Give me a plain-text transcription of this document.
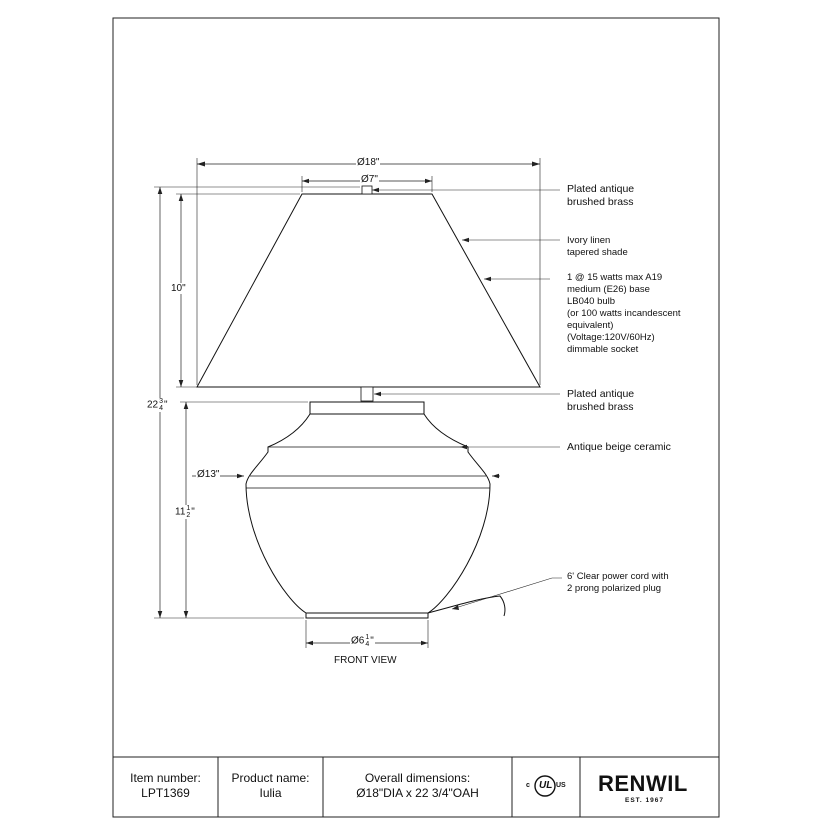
Ø18"
Ø7"
10"
22 3
4 "
Ø13"
11 1
2 "
Ø6 1
4 "
FRONT VIEW
Plated antique
brushed brass
Ivory linen
tapered shade
1 @ 15 watts max A19
medium (E26) base
LB040 bulb
(or 100 watts incandescent
equivalent)
(Voltage:120V/60Hz)
dimmable socket
Plated antique
brushed brass
Antique beige ceramic
6' Clear power cord with
2 prong polarized plug
Item number:
LPT1369
Product name:
Iulia
Overall dimensions:
Ø18"DIA x 22 3/4"OAH
c UL US RENWIL
EST. 1967
